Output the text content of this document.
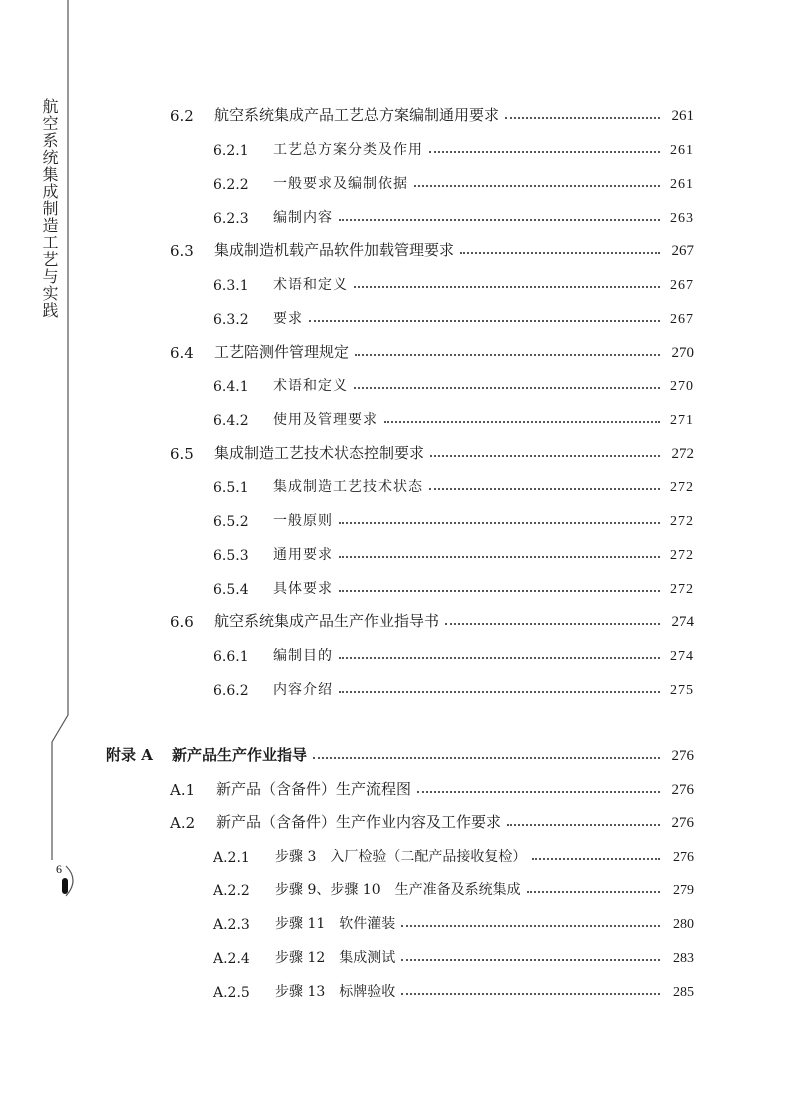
航空系统集成制造工艺与实践
6
6.2	航空系统集成产品工艺总方案编制通用要求	261
6.2.1	工艺总方案分类及作用	261
6.2.2	一般要求及编制依据	261
6.2.3	编制内容	263
6.3	集成制造机载产品软件加载管理要求	267
6.3.1	术语和定义	267
6.3.2	要求	267
6.4	工艺陪测件管理规定	270
6.4.1	术语和定义	270
6.4.2	使用及管理要求	271
6.5	集成制造工艺技术状态控制要求	272
6.5.1	集成制造工艺技术状态	272
6.5.2	一般原则	272
6.5.3	通用要求	272
6.5.4	具体要求	272
6.6	航空系统集成产品生产作业指导书	274
6.6.1	编制目的	274
6.6.2	内容介绍	275
附录 A	新产品生产作业指导	276
A.1	新产品（含备件）生产流程图	276
A.2	新产品（含备件）生产作业内容及工作要求	276
A.2.1	步骤 3　入厂检验（二配产品接收复检）	276
A.2.2	步骤 9、步骤 10　生产准备及系统集成	279
A.2.3	步骤 11　软件灌装	280
A.2.4	步骤 12　集成测试	283
A.2.5	步骤 13　标牌验收	285
